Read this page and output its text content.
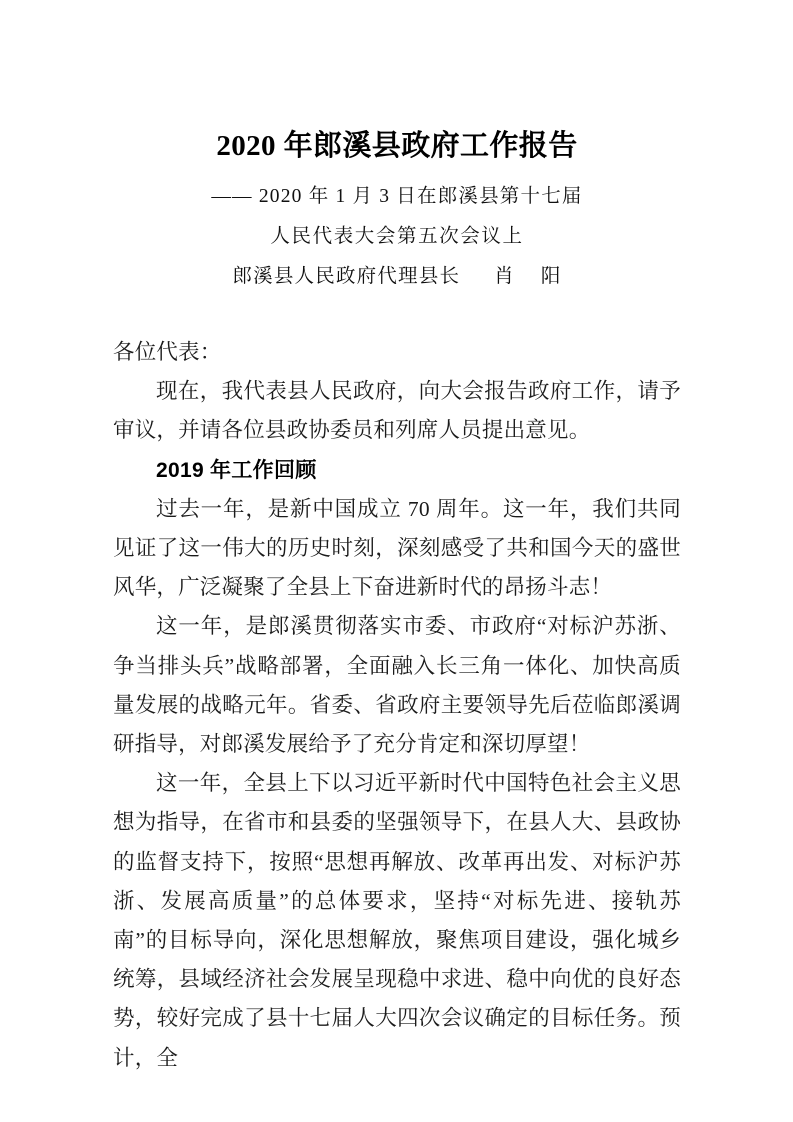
2020 年郎溪县政府工作报告

—— 2020 年 1 月 3 日在郎溪县第十七届

人民代表大会第五次会议上

郎溪县人民政府代理县长 肖 阳

各位代表：

现在，我代表县人民政府，向大会报告政府工作，请予审议，并请各位县政协委员和列席人员提出意见。

2019 年工作回顾

过去一年，是新中国成立 70 周年。这一年，我们共同见证了这一伟大的历史时刻，深刻感受了共和国今天的盛世风华，广泛凝聚了全县上下奋进新时代的昂扬斗志！

这一年，是郎溪贯彻落实市委、市政府“对标沪苏浙、争当排头兵”战略部署，全面融入长三角一体化、加快高质量发展的战略元年。省委、省政府主要领导先后莅临郎溪调研指导，对郎溪发展给予了充分肯定和深切厚望！

这一年，全县上下以习近平新时代中国特色社会主义思想为指导，在省市和县委的坚强领导下，在县人大、县政协的监督支持下，按照“思想再解放、改革再出发、对标沪苏浙、发展高质量”的总体要求，坚持“对标先进、接轨苏南”的目标导向，深化思想解放，聚焦项目建设，强化城乡统筹，县域经济社会发展呈现稳中求进、稳中向优的良好态势，较好完成了县十七届人大四次会议确定的目标任务。预计，全
